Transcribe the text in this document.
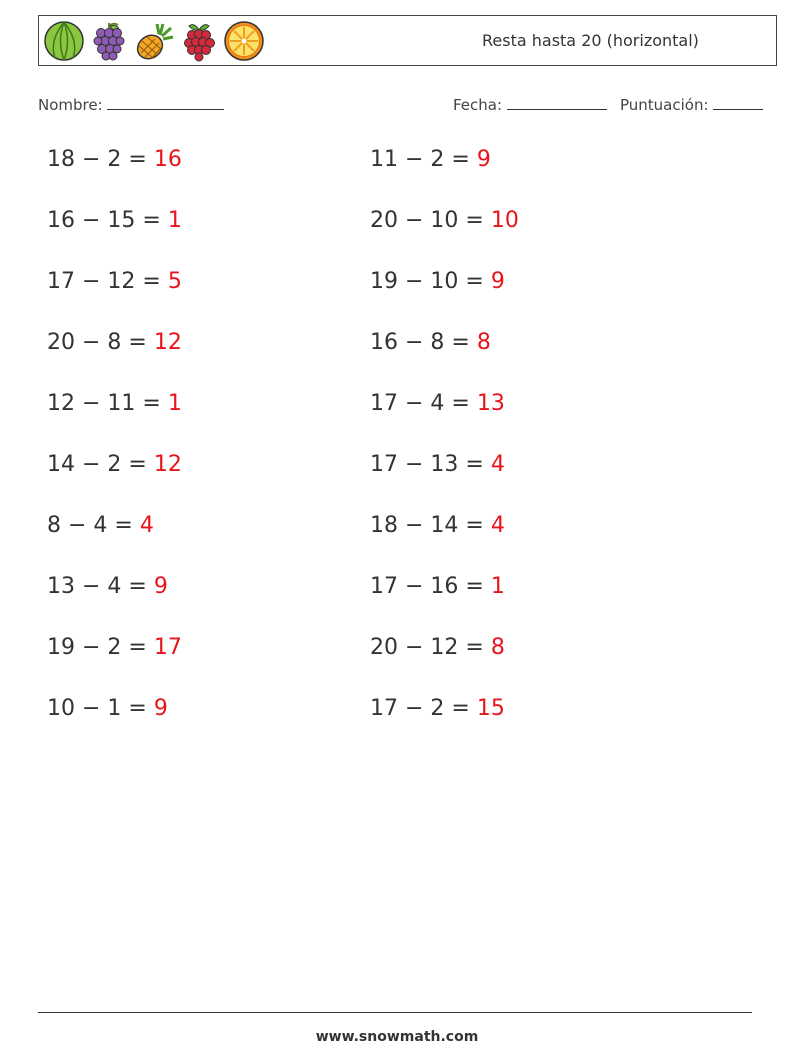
Resta hasta 20 (horizontal)
Nombre:	Fecha:	Puntuación:
18 − 2 = 16	11 − 2 = 9
16 − 15 = 1	20 − 10 = 10
17 − 12 = 5	19 − 10 = 9
20 − 8 = 12	16 − 8 = 8
12 − 11 = 1	17 − 4 = 13
14 − 2 = 12	17 − 13 = 4
8 − 4 = 4	18 − 14 = 4
13 − 4 = 9	17 − 16 = 1
19 − 2 = 17	20 − 12 = 8
10 − 1 = 9	17 − 2 = 15
www.snowmath.com
